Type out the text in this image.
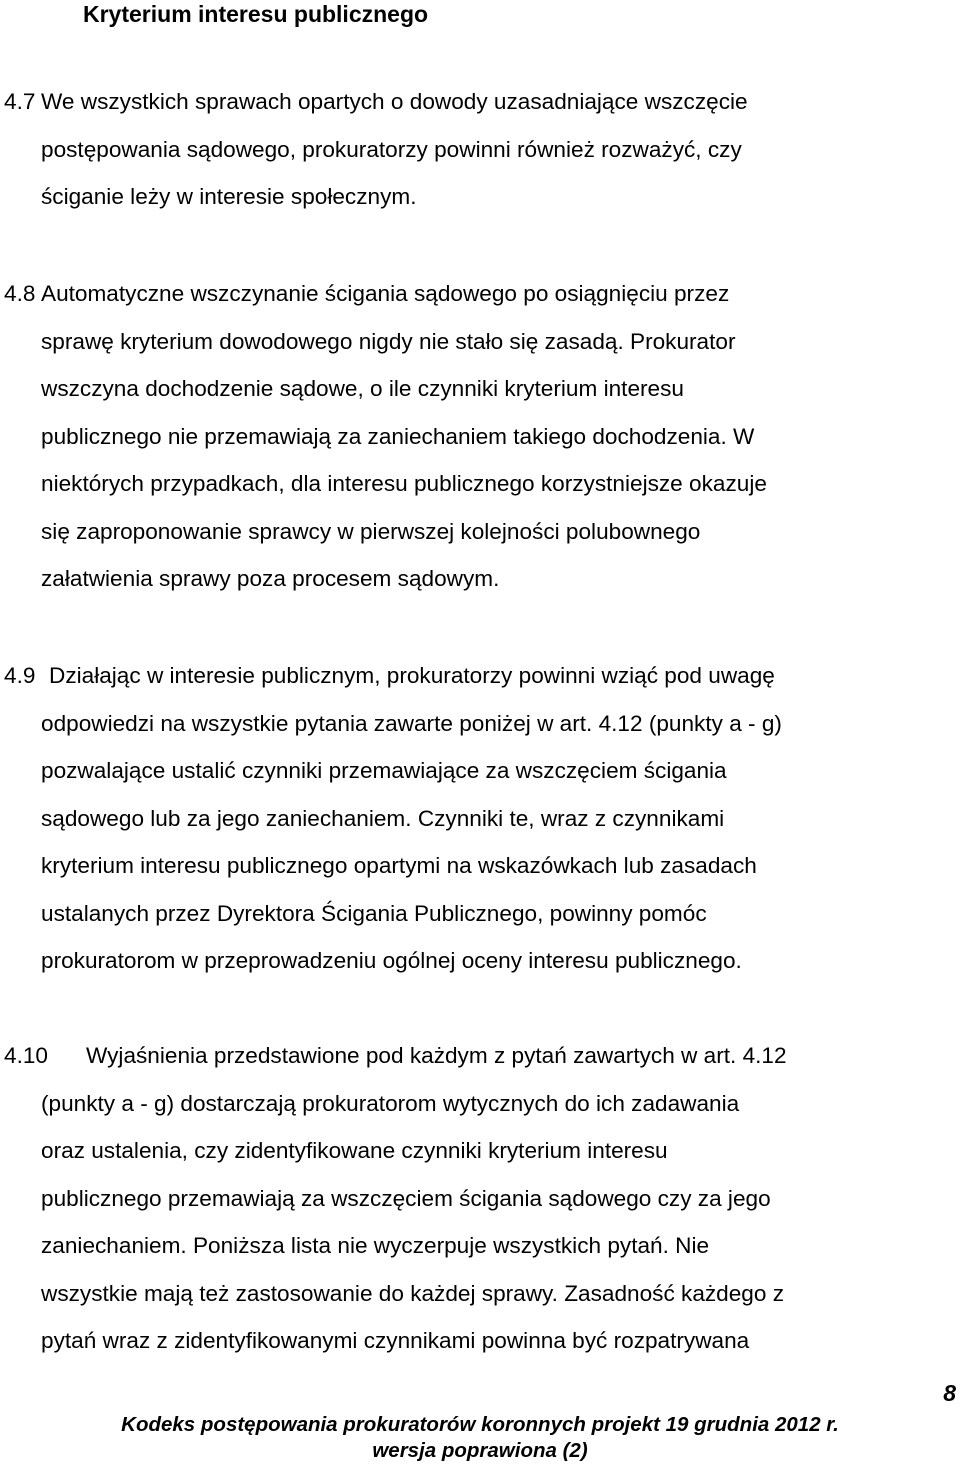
Kryterium interesu publicznego
4.7 We wszystkich sprawach opartych o dowody uzasadniające wszczęcie
postępowania sądowego, prokuratorzy powinni również rozważyć, czy
ściganie leży w interesie społecznym.
4.8 Automatyczne wszczynanie ścigania sądowego po osiągnięciu przez
sprawę kryterium dowodowego nigdy nie stało się zasadą. Prokurator
wszczyna dochodzenie sądowe, o ile czynniki kryterium interesu
publicznego nie przemawiają za zaniechaniem takiego dochodzenia. W
niektórych przypadkach, dla interesu publicznego korzystniejsze okazuje
się zaproponowanie sprawcy w pierwszej kolejności polubownego
załatwienia sprawy poza procesem sądowym.
4.9 Działając w interesie publicznym, prokuratorzy powinni wziąć pod uwagę
odpowiedzi na wszystkie pytania zawarte poniżej w art. 4.12 (punkty a - g)
pozwalające ustalić czynniki przemawiające za wszczęciem ścigania
sądowego lub za jego zaniechaniem. Czynniki te, wraz z czynnikami
kryterium interesu publicznego opartymi na wskazówkach lub zasadach
ustalanych przez Dyrektora Ścigania Publicznego, powinny pomóc
prokuratorom w przeprowadzeniu ogólnej oceny interesu publicznego.
4.10 Wyjaśnienia przedstawione pod każdym z pytań zawartych w art. 4.12
(punkty a - g) dostarczają prokuratorom wytycznych do ich zadawania
oraz ustalenia, czy zidentyfikowane czynniki kryterium interesu
publicznego przemawiają za wszczęciem ścigania sądowego czy za jego
zaniechaniem. Poniższa lista nie wyczerpuje wszystkich pytań. Nie
wszystkie mają też zastosowanie do każdej sprawy. Zasadność każdego z
pytań wraz z zidentyfikowanymi czynnikami powinna być rozpatrywana
8
Kodeks postępowania prokuratorów koronnych projekt 19 grudnia 2012 r.
wersja poprawiona (2)
